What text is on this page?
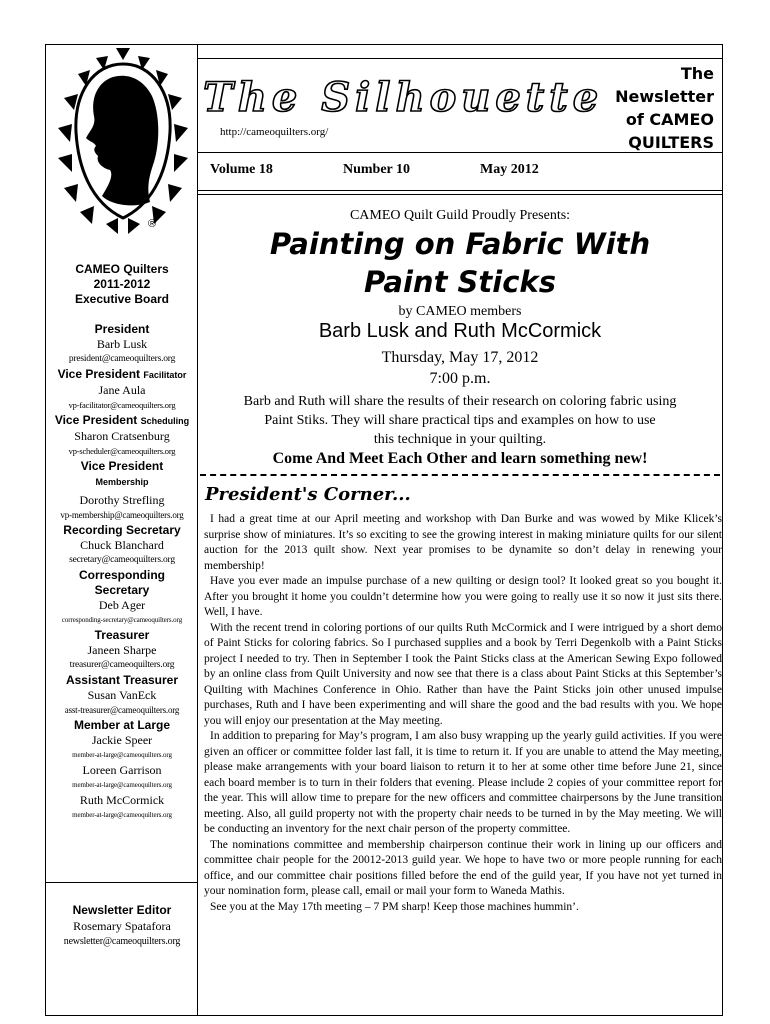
®
The Silhouette
http://cameoquilters.org/
The
Newsletter
of CAMEO
QUILTERS
Volume 18	Number 10	May 2012
CAMEO Quilters
2011-2012
Executive Board
President
Barb Lusk
president@cameoquilters.org
Vice President Facilitator
Jane Aula
vp-facilitator@cameoquilters.org
Vice President Scheduling
Sharon Cratsenburg
vp-scheduler@cameoquilters.org
Vice President
Membership
Dorothy Strefling
vp-membership@cameoquilters.org
Recording Secretary
Chuck Blanchard
secretary@cameoquilters.org
Corresponding Secretary
Deb Ager
corresponding-secretary@cameoquilters.org
Treasurer
Janeen Sharpe
treasurer@cameoquilters.org
Assistant Treasurer
Susan VanEck
asst-treasurer@cameoquilters.org
Member at Large
Jackie Speer
member-at-large@cameoquilters.org
Loreen Garrison
member-at-large@cameoquilters.org
Ruth McCormick
member-at-large@cameoquilters.org
Newsletter Editor
Rosemary Spatafora
newsletter@cameoquilters.org
CAMEO Quilt Guild Proudly Presents:
Painting on Fabric With
Paint Sticks
by CAMEO members
Barb Lusk and Ruth McCormick
Thursday, May 17, 2012
7:00 p.m.
Barb and Ruth will share the results of their research on coloring fabric using
Paint Stiks. They will share practical tips and examples on how to use
this technique in your quilting.
Come And Meet Each Other and learn something new!
President's Corner...

I had a great time at our April meeting and workshop with Dan Burke and was wowed by Mike Klicek’s surprise show of miniatures. It’s so exciting to see the growing interest in making miniature quilts for our silent auction for the 2013 quilt show. Next year promises to be dynamite so don’t delay in renewing your membership!

Have you ever made an impulse purchase of a new quilting or design tool? It looked great so you bought it. After you brought it home you couldn’t determine how you were going to really use it so now it just sits there. Well, I have.

With the recent trend in coloring portions of our quilts Ruth McCormick and I were intrigued by a short demo of Paint Sticks for coloring fabrics. So I purchased supplies and a book by Terri Degenkolb with a Paint Sticks project I needed to try. Then in September I took the Paint Sticks class at the American Sewing Expo followed by an online class from Quilt University and now see that there is a class about Paint Sticks at this September’s Quilting with Machines Conference in Ohio. Rather than have the Paint Sticks join other unused impulse purchases, Ruth and I have been experimenting and will share the good and the bad results with you. We hope you will enjoy our presentation at the May meeting.

In addition to preparing for May’s program, I am also busy wrapping up the yearly guild activities. If you were given an officer or committee folder last fall, it is time to return it. If you are unable to attend the May meeting, please make arrangements with your board liaison to return it to her at some other time before June 21, since each board member is to turn in their folders that evening. Please include 2 copies of your committee report for the year. This will allow time to prepare for the new officers and committee chairpersons by the June transition meeting. Also, all guild property not with the property chair needs to be turned in by the May meeting. We will be conducting an inventory for the next chair person of the property committee.

The nominations committee and membership chairperson continue their work in lining up our officers and committee chair people for the 20012-2013 guild year. We hope to have two or more people running for each office, and our committee chair positions filled before the end of the guild year, If you have not yet turned in your nomination form, please call, email or mail your form to Waneda Mathis.

See you at the May 17th meeting – 7 PM sharp! Keep those machines hummin’.
